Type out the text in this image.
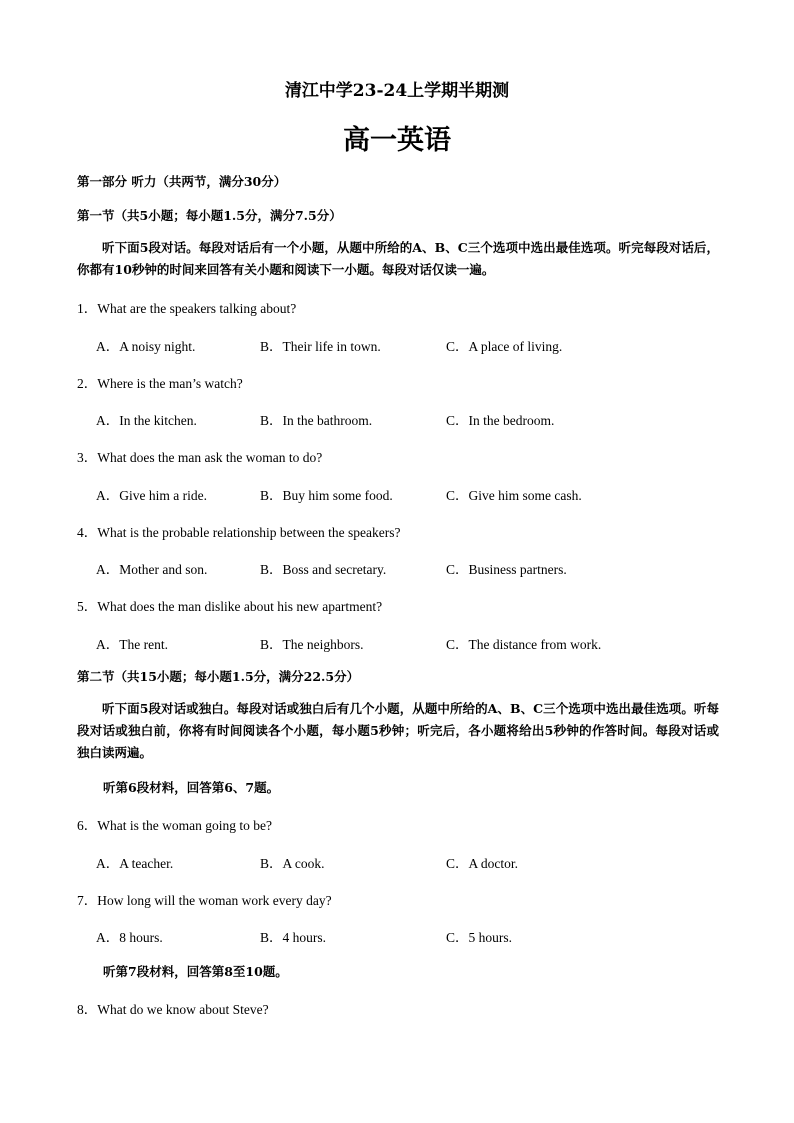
清江中学23-24上学期半期测
高一英语
第一部分 听力（共两节，满分30分）
第一节（共5小题；每小题1.5分，满分7.5分）

听下面5段对话。每段对话后有一个小题，从题中所给的A、B、C三个选项中选出最佳选项。听完每段对话后，你都有10秒钟的时间来回答有关小题和阅读下一小题。每段对话仅读一遍。

1．What are the speakers talking about?
A．A noisy night.	B．Their life in town.	C．A place of living.
2．Where is the man’s watch?
A．In the kitchen.	B．In the bathroom.	C．In the bedroom.
3．What does the man ask the woman to do?
A．Give him a ride.	B．Buy him some food.	C．Give him some cash.
4．What is the probable relationship between the speakers?
A．Mother and son.	B．Boss and secretary.	C．Business partners.
5．What does the man dislike about his new apartment?
A．The rent.	B．The neighbors.	C．The distance from work.
第二节（共15小题；每小题1.5分，满分22.5分）

听下面5段对话或独白。每段对话或独白后有几个小题，从题中所给的A、B、C三个选项中选出最佳选项。听每段对话或独白前，你将有时间阅读各个小题，每小题5秒钟；听完后，各小题将给出5秒钟的作答时间。每段对话或独白读两遍。

听第6段材料，回答第6、7题。
6．What is the woman going to be?
A．A teacher.	B．A cook.	C．A doctor.
7．How long will the woman work every day?
A．8 hours.	B．4 hours.	C．5 hours.
听第7段材料，回答第8至10题。
8．What do we know about Steve?
